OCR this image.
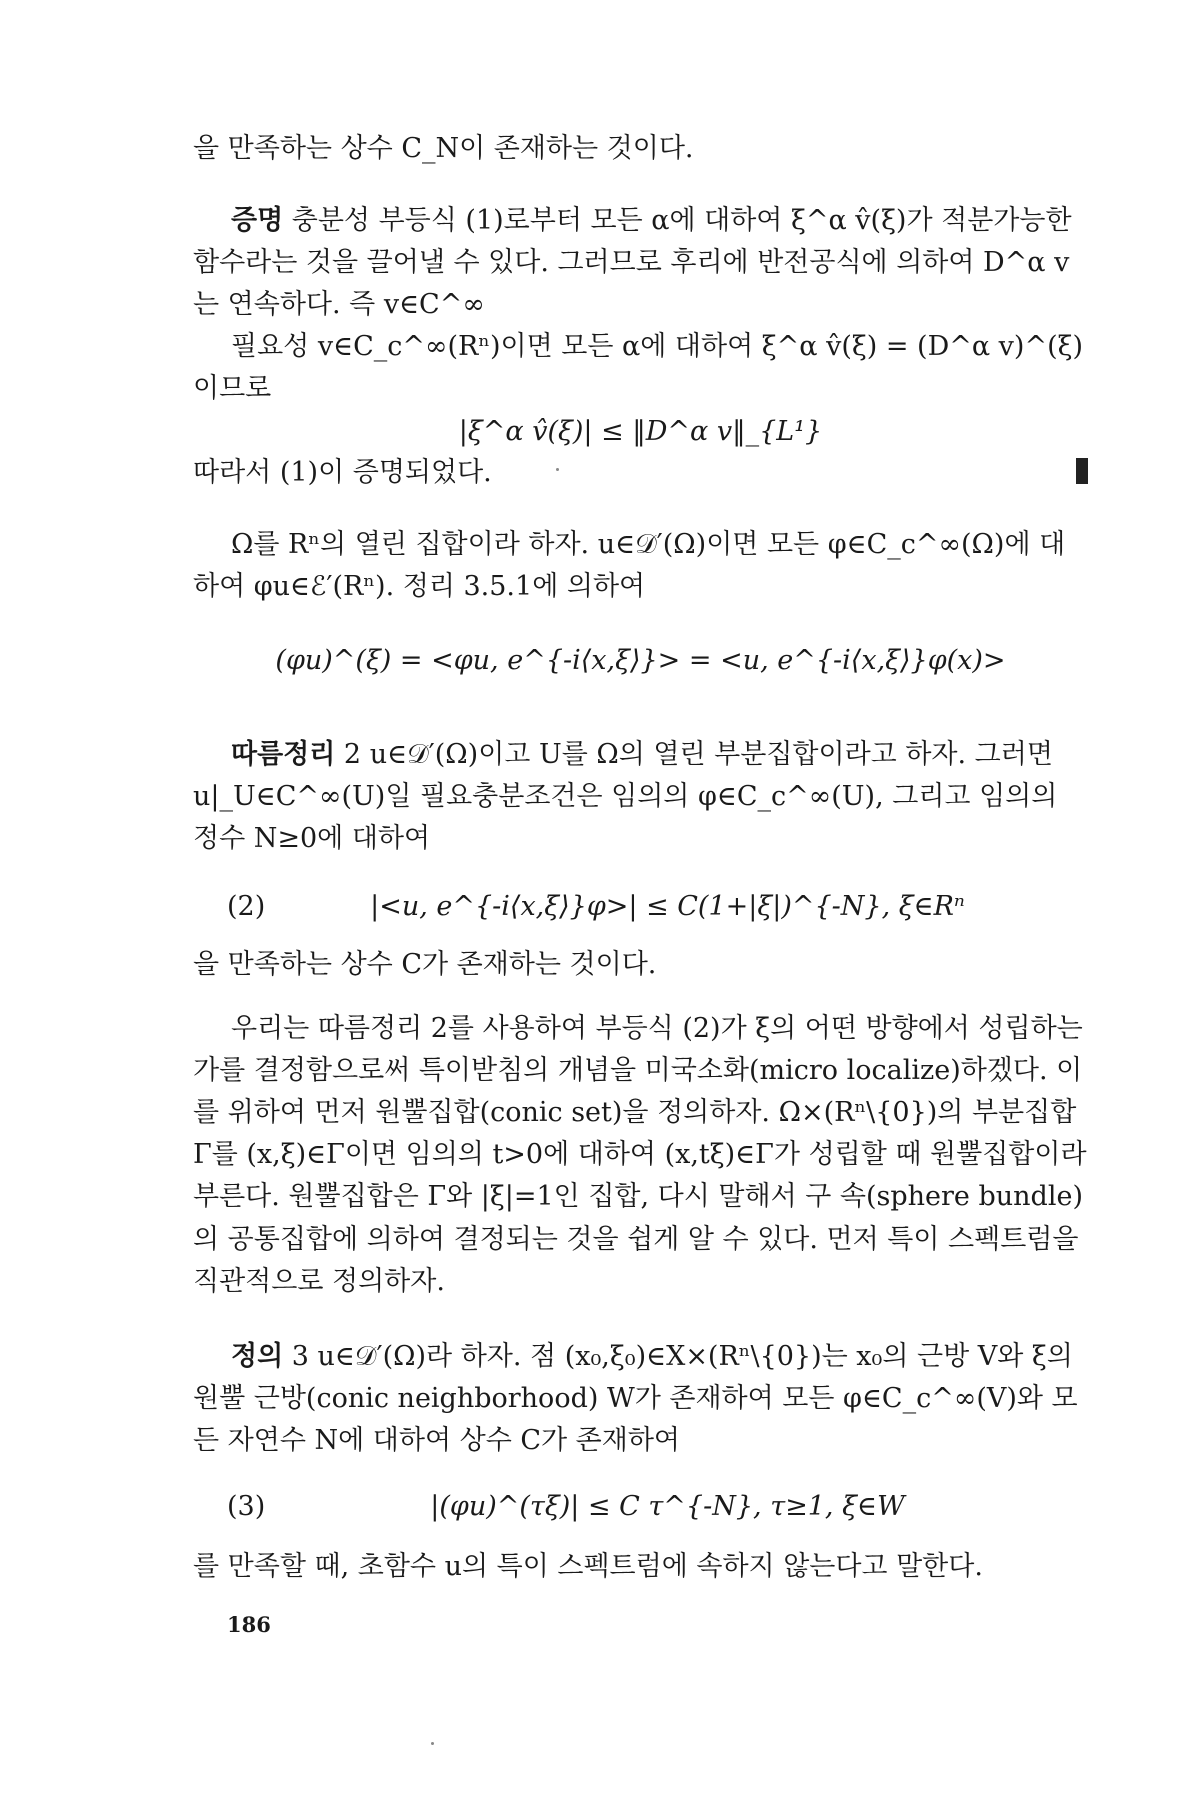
을 만족하는 상수 C_N이 존재하는 것이다.

증명 충분성 부등식 (1)로부터 모든 α에 대하여 ξ^α v̂(ξ)가 적분가능한 함수라는 것을 끌어낼 수 있다. 그러므로 후리에 반전공식에 의하여 D^α v는 연속하다. 즉 v∈C^∞

필요성 v∈C_c^∞(Rⁿ)이면 모든 α에 대하여 ξ^α v̂(ξ) = (D^α v)^(ξ)이므로

|ξ^α v̂(ξ)| ≤ ‖D^α v‖_{L¹}

따라서 (1)이 증명되었다.

Ω를 Rⁿ의 열린 집합이라 하자. u∈𝒟′(Ω)이면 모든 φ∈C_c^∞(Ω)에 대하여 φu∈ℰ′(Rⁿ). 정리 3.5.1에 의하여

(φu)^(ξ) = <φu, e^{-i⟨x,ξ⟩}> = <u, e^{-i⟨x,ξ⟩}φ(x)>

따름정리 2 u∈𝒟′(Ω)이고 U를 Ω의 열린 부분집합이라고 하자. 그러면 u|_U∈C^∞(U)일 필요충분조건은 임의의 φ∈C_c^∞(U), 그리고 임의의 정수 N≥0에 대하여

(2)	|<u, e^{-i⟨x,ξ⟩}φ>| ≤ C(1+|ξ|)^{-N}, ξ∈Rⁿ

을 만족하는 상수 C가 존재하는 것이다.

우리는 따름정리 2를 사용하여 부등식 (2)가 ξ의 어떤 방향에서 성립하는가를 결정함으로써 특이받침의 개념을 미국소화(micro localize)하겠다. 이를 위하여 먼저 원뿔집합(conic set)을 정의하자. Ω×(Rⁿ\{0})의 부분집합 Γ를 (x,ξ)∈Γ이면 임의의 t>0에 대하여 (x,tξ)∈Γ가 성립할 때 원뿔집합이라 부른다. 원뿔집합은 Γ와 |ξ|=1인 집합, 다시 말해서 구 속(sphere bundle)의 공통집합에 의하여 결정되는 것을 쉽게 알 수 있다. 먼저 특이 스펙트럼을 직관적으로 정의하자.

정의 3 u∈𝒟′(Ω)라 하자. 점 (x₀,ξ₀)∈X×(Rⁿ\{0})는 x₀의 근방 V와 ξ의 원뿔 근방(conic neighborhood) W가 존재하여 모든 φ∈C_c^∞(V)와 모든 자연수 N에 대하여 상수 C가 존재하여

(3)	|(φu)^(τξ)| ≤ C τ^{-N}, τ≥1, ξ∈W

를 만족할 때, 초함수 u의 특이 스펙트럼에 속하지 않는다고 말한다.

186
